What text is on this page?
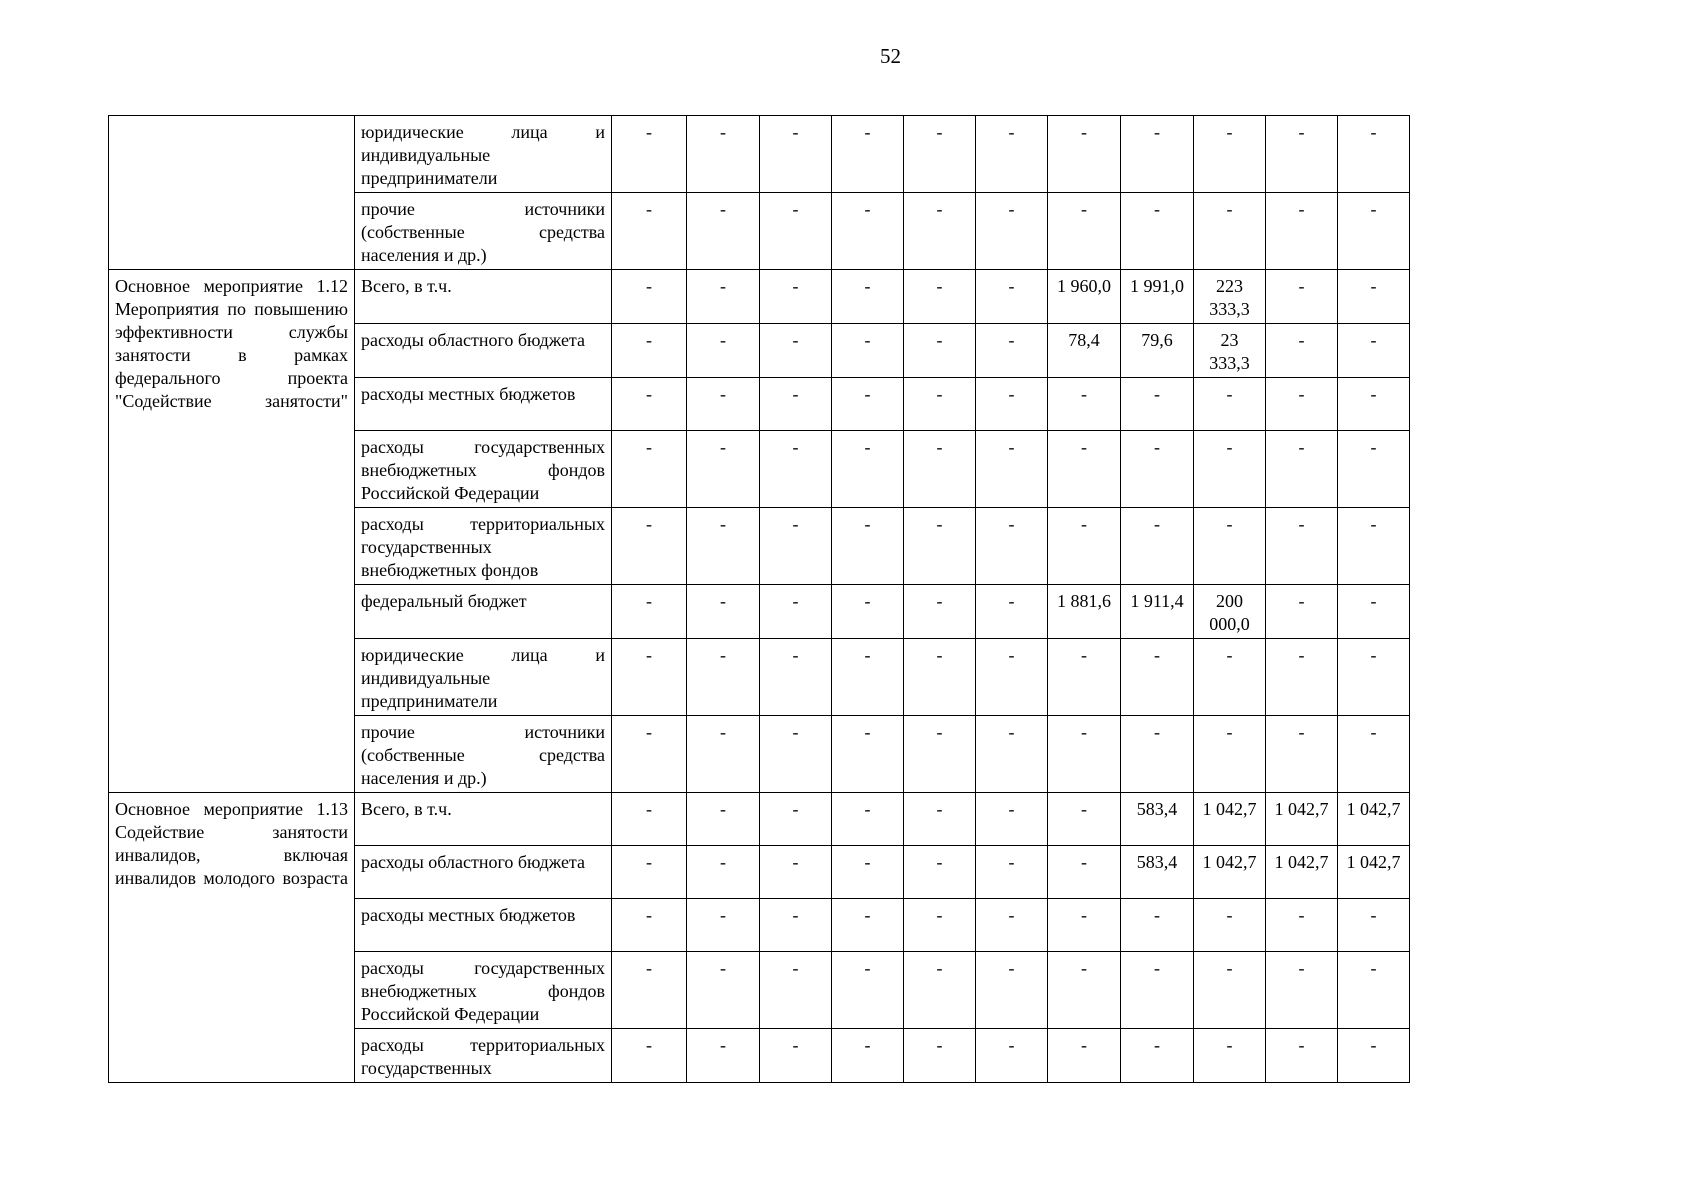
52
	юридические лица и индивидуальные предприниматели	-	-	-	-	-	-	-	-	-	-	-
	прочие источники (собственные средства населения и др.)	-	-	-	-	-	-	-	-	-	-	-
Основное мероприятие 1.12 Мероприятия по повышению эффективности службы занятости в рамках федерального проекта "Содействие занятости"	Всего, в т.ч.	-	-	-	-	-	-	1 960,0	1 991,0	223 333,3	-	-
	расходы областного бюджета	-	-	-	-	-	-	78,4	79,6	23 333,3	-	-
	расходы местных бюджетов	-	-	-	-	-	-	-	-	-	-	-
	расходы государственных внебюджетных фондов Российской Федерации	-	-	-	-	-	-	-	-	-	-	-
	расходы территориальных государственных внебюджетных фондов	-	-	-	-	-	-	-	-	-	-	-
	федеральный бюджет	-	-	-	-	-	-	1 881,6	1 911,4	200 000,0	-	-
	юридические лица и индивидуальные предприниматели	-	-	-	-	-	-	-	-	-	-	-
	прочие источники (собственные средства населения и др.)	-	-	-	-	-	-	-	-	-	-	-
Основное мероприятие 1.13 Содействие занятости инвалидов, включая инвалидов молодого возраста	Всего, в т.ч.	-	-	-	-	-	-	-	583,4	1 042,7	1 042,7	1 042,7
	расходы областного бюджета	-	-	-	-	-	-	-	583,4	1 042,7	1 042,7	1 042,7
	расходы местных бюджетов	-	-	-	-	-	-	-	-	-	-	-
	расходы государственных внебюджетных фондов Российской Федерации	-	-	-	-	-	-	-	-	-	-	-
	расходы территориальных государственных	-	-	-	-	-	-	-	-	-	-	-
